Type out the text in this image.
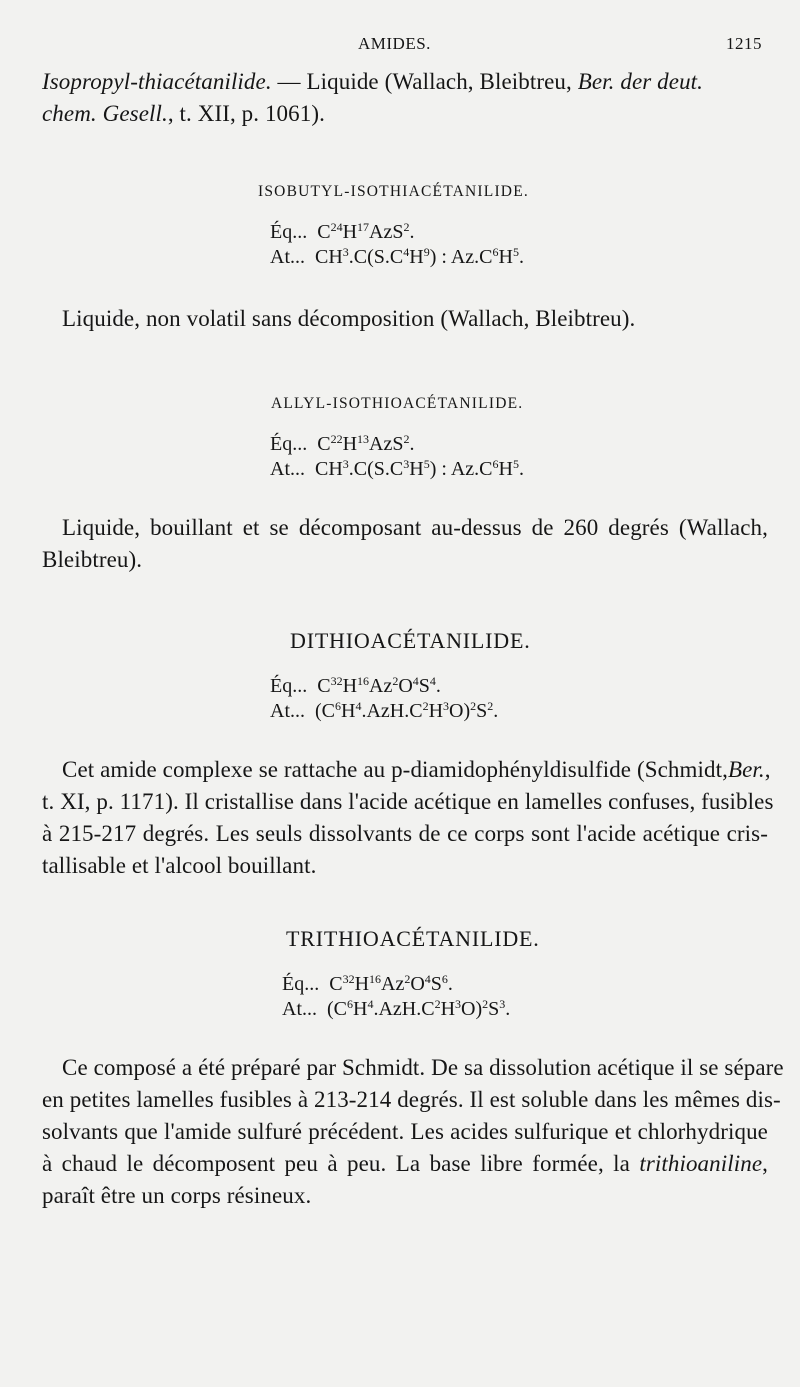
AMIDES.	1215
Isopropyl-thiacétanilide. — Liquide (Wallach, Bleibtreu, Ber. der deut.
chem. Gesell., t. XII, p. 1061).
ISOBUTYL-ISOTHIACÉTANILIDE.
Éq...  $C^{24}H^{17}AzS^2$.
At...  $CH^3.C(S.C^4H^9)$ : $Az.C^6H^5$.
Liquide, non volatil sans décomposition (Wallach, Bleibtreu).
ALLYL-ISOTHIOACÉTANILIDE.
Éq...  $C^{22}H^{13}AzS^2$.
At...  $CH^3.C(S.C^3H^5)$ : $Az.C^6H^5$.
Liquide, bouillant et se décomposant au-dessus de 260 degrés (Wallach,
Bleibtreu).
DITHIOACÉTANILIDE.
Éq...  $C^{32}H^{16}Az^2O^4S^4$.
At...  $(C^6H^4.AzH.C^2H^3O)^2S^2$.
Cet amide complexe se rattache au p-diamidophényldisulfide (Schmidt,Ber.,
t. XI, p. 1171). Il cristallise dans l'acide acétique en lamelles confuses, fusibles
à 215-217 degrés. Les seuls dissolvants de ce corps sont l'acide acétique cris-
tallisable et l'alcool bouillant.
TRITHIOACÉTANILIDE.
Éq...  $C^{32}H^{16}Az^2O^4S^6$.
At...  $(C^6H^4.AzH.C^2H^3O)^2S^3$.
Ce composé a été préparé par Schmidt. De sa dissolution acétique il se sépare
en petites lamelles fusibles à 213-214 degrés. Il est soluble dans les mêmes dis-
solvants que l'amide sulfuré précédent. Les acides sulfurique et chlorhydrique
à chaud le décomposent peu à peu. La base libre formée, la trithioaniline,
paraît être un corps résineux.
